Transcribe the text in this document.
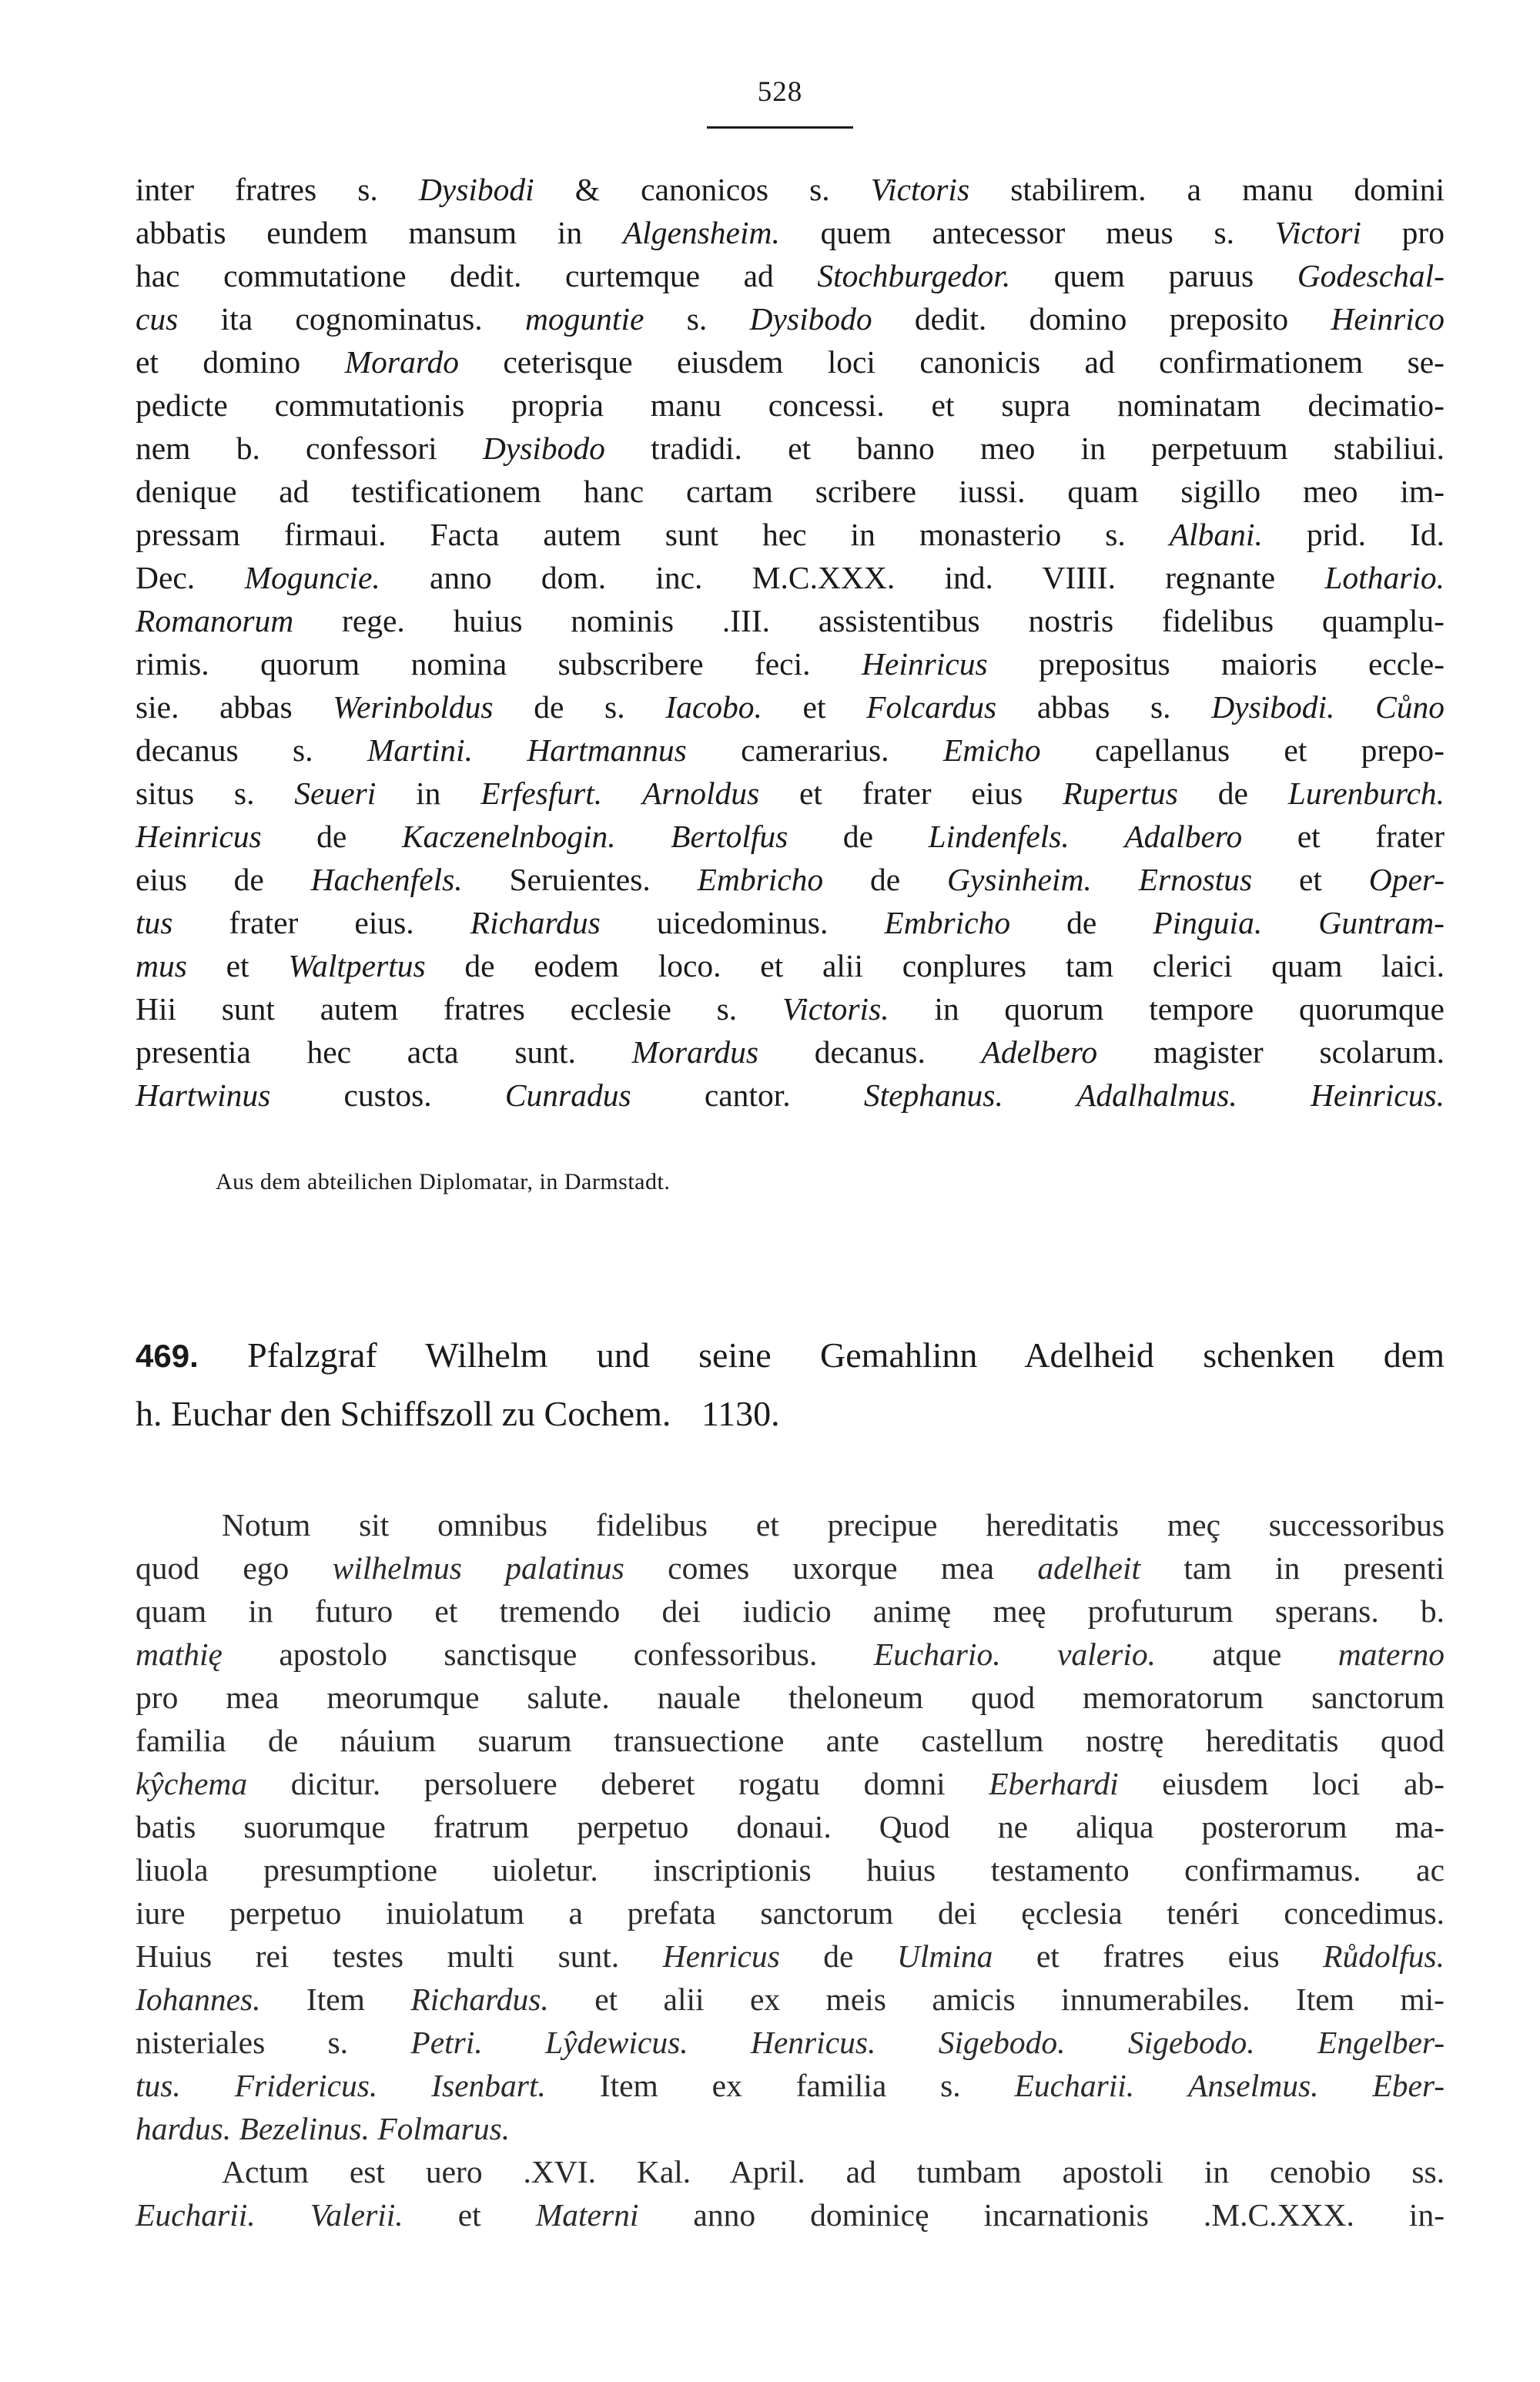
528
inter fratres s. Dysibodi & canonicos s. Victoris stabilirem. a manu domini
abbatis eundem mansum in Algensheim. quem antecessor meus s. Victori pro
hac commutatione dedit. curtemque ad Stochburgedor. quem paruus Godeschal-
cus ita cognominatus. moguntie s. Dysibodo dedit. domino preposito Heinrico
et domino Morardo ceterisque eiusdem loci canonicis ad confirmationem se-
pedicte commutationis propria manu concessi. et supra nominatam decimatio-
nem b. confessori Dysibodo tradidi. et banno meo in perpetuum stabiliui.
denique ad testificationem hanc cartam scribere iussi. quam sigillo meo im-
pressam firmaui. Facta autem sunt hec in monasterio s. Albani. prid. Id.
Dec. Moguncie. anno dom. inc. M.C.XXX. ind. VIIII. regnante Lothario.
Romanorum rege. huius nominis .III. assistentibus nostris fidelibus quamplu-
rimis. quorum nomina subscribere feci. Heinricus prepositus maioris eccle-
sie. abbas Werinboldus de s. Iacobo. et Folcardus abbas s. Dysibodi. Cůno
decanus s. Martini. Hartmannus camerarius. Emicho capellanus et prepo-
situs s. Seueri in Erfesfurt. Arnoldus et frater eius Rupertus de Lurenburch.
Heinricus de Kaczenelnbogin. Bertolfus de Lindenfels. Adalbero et frater
eius de Hachenfels. Seruientes. Embricho de Gysinheim. Ernostus et Oper-
tus frater eius. Richardus uicedominus. Embricho de Pinguia. Guntram-
mus et Waltpertus de eodem loco. et alii conplures tam clerici quam laici.
Hii sunt autem fratres ecclesie s. Victoris. in quorum tempore quorumque
presentia hec acta sunt. Morardus decanus. Adelbero magister scolarum.
Hartwinus custos. Cunradus cantor. Stephanus. Adalhalmus. Heinricus.
Aus dem abteilichen Diplomatar, in Darmstadt.
469. Pfalzgraf Wilhelm und seine Gemahlinn Adelheid schenken dem
h. Euchar den Schiffszoll zu Cochem. 1130.
Notum sit omnibus fidelibus et precipue hereditatis meç successoribus
quod ego wilhelmus palatinus comes uxorque mea adelheit tam in presenti
quam in futuro et tremendo dei iudicio animę meę profuturum sperans. b.
mathię apostolo sanctisque confessoribus. Euchario. valerio. atque materno
pro mea meorumque salute. nauale theloneum quod memoratorum sanctorum
familia de náuium suarum transuectione ante castellum nostrę hereditatis quod
kŷchema dicitur. persoluere deberet rogatu domni Eberhardi eiusdem loci ab-
batis suorumque fratrum perpetuo donaui. Quod ne aliqua posterorum ma-
liuola presumptione uioletur. inscriptionis huius testamento confirmamus. ac
iure perpetuo inuiolatum a prefata sanctorum dei ęcclesia tenéri concedimus.
Huius rei testes multi sunt. Henricus de Ulmina et fratres eius Růdolfus.
Iohannes. Item Richardus. et alii ex meis amicis innumerabiles. Item mi-
nisteriales s. Petri. Lŷdewicus. Henricus. Sigebodo. Sigebodo. Engelber-
tus. Fridericus. Isenbart. Item ex familia s. Eucharii. Anselmus. Eber-
hardus. Bezelinus. Folmarus.
Actum est uero .XVI. Kal. April. ad tumbam apostoli in cenobio ss.
Eucharii. Valerii. et Materni anno dominicę incarnationis .M.C.XXX. in-
